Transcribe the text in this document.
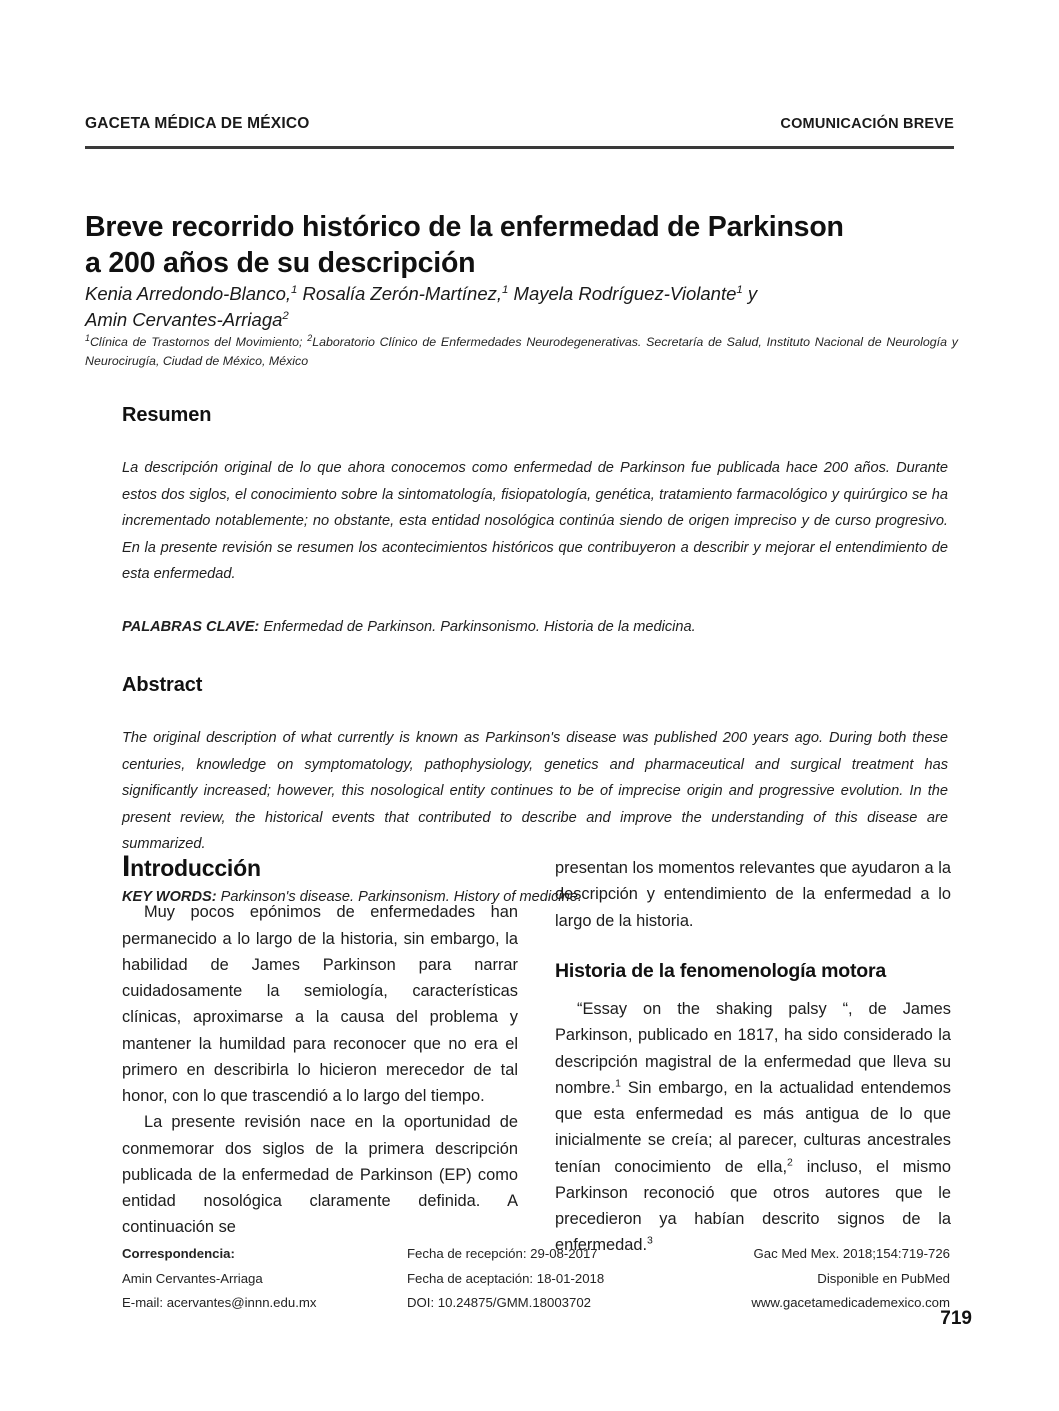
GACETA MÉDICA DE MÉXICO	COMUNICACIÓN BREVE
Breve recorrido histórico de la enfermedad de Parkinson
a 200 años de su descripción
Kenia Arredondo-Blanco,$^1$ Rosalía Zerón-Martínez,$^1$ Mayela Rodríguez-Violante$^1$ y
Amin Cervantes-Arriaga$^2$
$^1$Clínica de Trastornos del Movimiento; $^2$Laboratorio Clínico de Enfermedades Neurodegenerativas. Secretaría de Salud, Instituto Nacional de Neurología y Neurocirugía, Ciudad de México, México
Resumen

La descripción original de lo que ahora conocemos como enfermedad de Parkinson fue publicada hace 200 años. Durante estos dos siglos, el conocimiento sobre la sintomatología, fisiopatología, genética, tratamiento farmacológico y quirúrgico se ha incrementado notablemente; no obstante, esta entidad nosológica continúa siendo de origen impreciso y de curso progresivo. En la presente revisión se resumen los acontecimientos históricos que contribuyeron a describir y mejorar el entendimiento de esta enfermedad.

PALABRAS CLAVE: Enfermedad de Parkinson. Parkinsonismo. Historia de la medicina.

Abstract

The original description of what currently is known as Parkinson's disease was published 200 years ago. During both these centuries, knowledge on symptomatology, pathophysiology, genetics and pharmaceutical and surgical treatment has significantly increased; however, this nosological entity continues to be of imprecise origin and progressive evolution. In the present review, the historical events that contributed to describe and improve the understanding of this disease are summarized.

KEY WORDS: Parkinson's disease. Parkinsonism. History of medicine.

Introducción

Muy pocos epónimos de enfermedades han permanecido a lo largo de la historia, sin embargo, la habilidad de James Parkinson para narrar cuidadosamente la semiología, características clínicas, aproximarse a la causa del problema y mantener la humildad para reconocer que no era el primero en describirla lo hicieron merecedor de tal honor, con lo que trascendió a lo largo del tiempo.

La presente revisión nace en la oportunidad de conmemorar dos siglos de la primera descripción publicada de la enfermedad de Parkinson (EP) como entidad nosológica claramente definida. A continuación se

presentan los momentos relevantes que ayudaron a la descripción y entendimiento de la enfermedad a lo largo de la historia.

Historia de la fenomenología motora

“Essay on the shaking palsy “, de James Parkinson, publicado en 1817, ha sido considerado la descripción magistral de la enfermedad que lleva su nombre.$^1$ Sin embargo, en la actualidad entendemos que esta enfermedad es más antigua de lo que inicialmente se creía; al parecer, culturas ancestrales tenían conocimiento de ella,$^2$ incluso, el mismo Parkinson reconoció que otros autores que le precedieron ya habían descrito signos de la enfermedad.$^3$

Correspondencia:
Amin Cervantes-Arriaga
E-mail: acervantes@innn.edu.mx
Fecha de recepción: 29-08-2017
Fecha de aceptación: 18-01-2018
DOI: 10.24875/GMM.18003702
Gac Med Mex. 2018;154:719-726
Disponible en PubMed
www.gacetamedicademexico.com
719
